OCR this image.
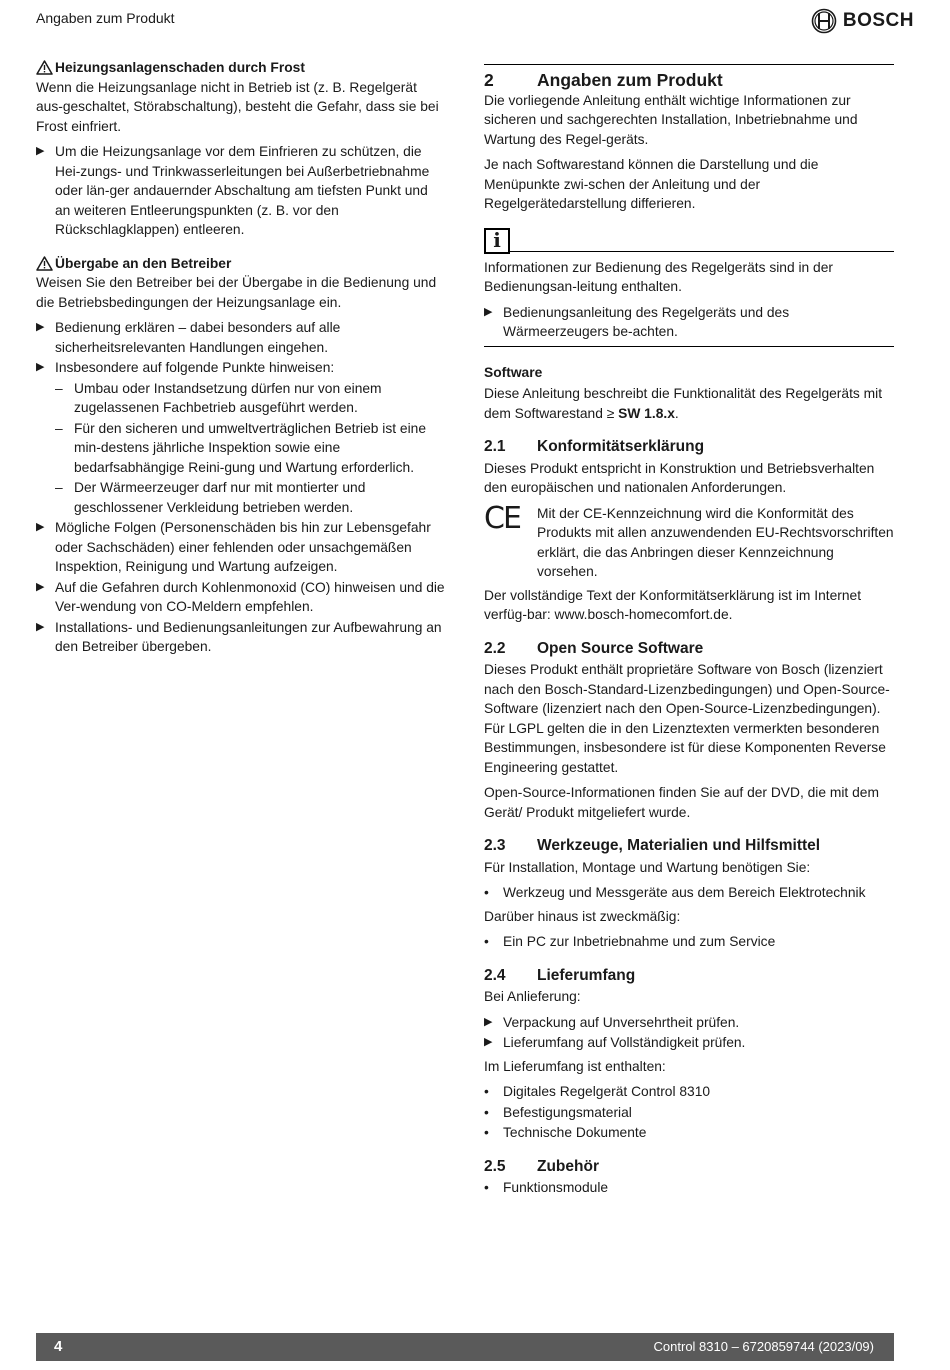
Angaben zum Produkt	BOSCH
Heizungsanlagenschaden durch Frost

Wenn die Heizungsanlage nicht in Betrieb ist (z. B. Regelgerät aus-geschaltet, Störabschaltung), besteht die Gefahr, dass sie bei Frost einfriert.

▶ Um die Heizungsanlage vor dem Einfrieren zu schützen, die Hei-zungs- und Trinkwasserleitungen bei Außerbetriebnahme oder län-ger andauernder Abschaltung am tiefsten Punkt und an weiteren Entleerungspunkten (z. B. vor den Rückschlagklappen) entleeren.
Übergabe an den Betreiber

Weisen Sie den Betreiber bei der Übergabe in die Bedienung und die Betriebsbedingungen der Heizungsanlage ein.

▶ Bedienung erklären – dabei besonders auf alle sicherheitsrelevanten Handlungen eingehen.
▶ Insbesondere auf folgende Punkte hinweisen:
– Umbau oder Instandsetzung dürfen nur von einem zugelassenen Fachbetrieb ausgeführt werden.
– Für den sicheren und umweltverträglichen Betrieb ist eine min-destens jährliche Inspektion sowie eine bedarfsabhängige Reini-gung und Wartung erforderlich.
– Der Wärmeerzeuger darf nur mit montierter und geschlossener Verkleidung betrieben werden.
▶ Mögliche Folgen (Personenschäden bis hin zur Lebensgefahr oder Sachschäden) einer fehlenden oder unsachgemäßen Inspektion, Reinigung und Wartung aufzeigen.
▶ Auf die Gefahren durch Kohlenmonoxid (CO) hinweisen und die Ver-wendung von CO-Meldern empfehlen.
▶ Installations- und Bedienungsanleitungen zur Aufbewahrung an den Betreiber übergeben.
2	Angaben zum Produkt

Die vorliegende Anleitung enthält wichtige Informationen zur sicheren und sachgerechten Installation, Inbetriebnahme und Wartung des Regel-geräts.

Je nach Softwarestand können die Darstellung und die Menüpunkte zwi-schen der Anleitung und der Regelgerätedarstellung differieren.

i

Informationen zur Bedienung des Regelgeräts sind in der Bedienungsan-leitung enthalten.

▶ Bedienungsanleitung des Regelgeräts und des Wärmeerzeugers be-achten.
Software

Diese Anleitung beschreibt die Funktionalität des Regelgeräts mit dem Softwarestand ≥ SW 1.8.x.

2.1	Konformitätserklärung

Dieses Produkt entspricht in Konstruktion und Betriebsverhalten den europäischen und nationalen Anforderungen.

CE	Mit der CE-Kennzeichnung wird die Konformität des Produkts mit allen anzuwendenden EU-Rechtsvorschriften erklärt, die das Anbringen dieser Kennzeichnung vorsehen.

Der vollständige Text der Konformitätserklärung ist im Internet verfüg-bar: www.bosch-homecomfort.de.

2.2	Open Source Software

Dieses Produkt enthält proprietäre Software von Bosch (lizenziert nach den Bosch-Standard-Lizenzbedingungen) und Open-Source-Software (lizenziert nach den Open-Source-Lizenzbedingungen). Für LGPL gelten die in den Lizenztexten vermerkten besonderen Bestimmungen, insbesondere ist für diese Komponenten Reverse Engineering gestattet.

Open-Source-Informationen finden Sie auf der DVD, die mit dem Gerät/ Produkt mitgeliefert wurde.

2.3	Werkzeuge, Materialien und Hilfsmittel

Für Installation, Montage und Wartung benötigen Sie:

• Werkzeug und Messgeräte aus dem Bereich Elektrotechnik

Darüber hinaus ist zweckmäßig:

• Ein PC zur Inbetriebnahme und zum Service
2.4	Lieferumfang

Bei Anlieferung:

▶ Verpackung auf Unversehrtheit prüfen.
▶ Lieferumfang auf Vollständigkeit prüfen.

Im Lieferumfang ist enthalten:

• Digitales Regelgerät Control 8310
• Befestigungsmaterial
• Technische Dokumente
2.5	Zubehör
• Funktionsmodule
4	Control 8310 – 6720859744 (2023/09)
